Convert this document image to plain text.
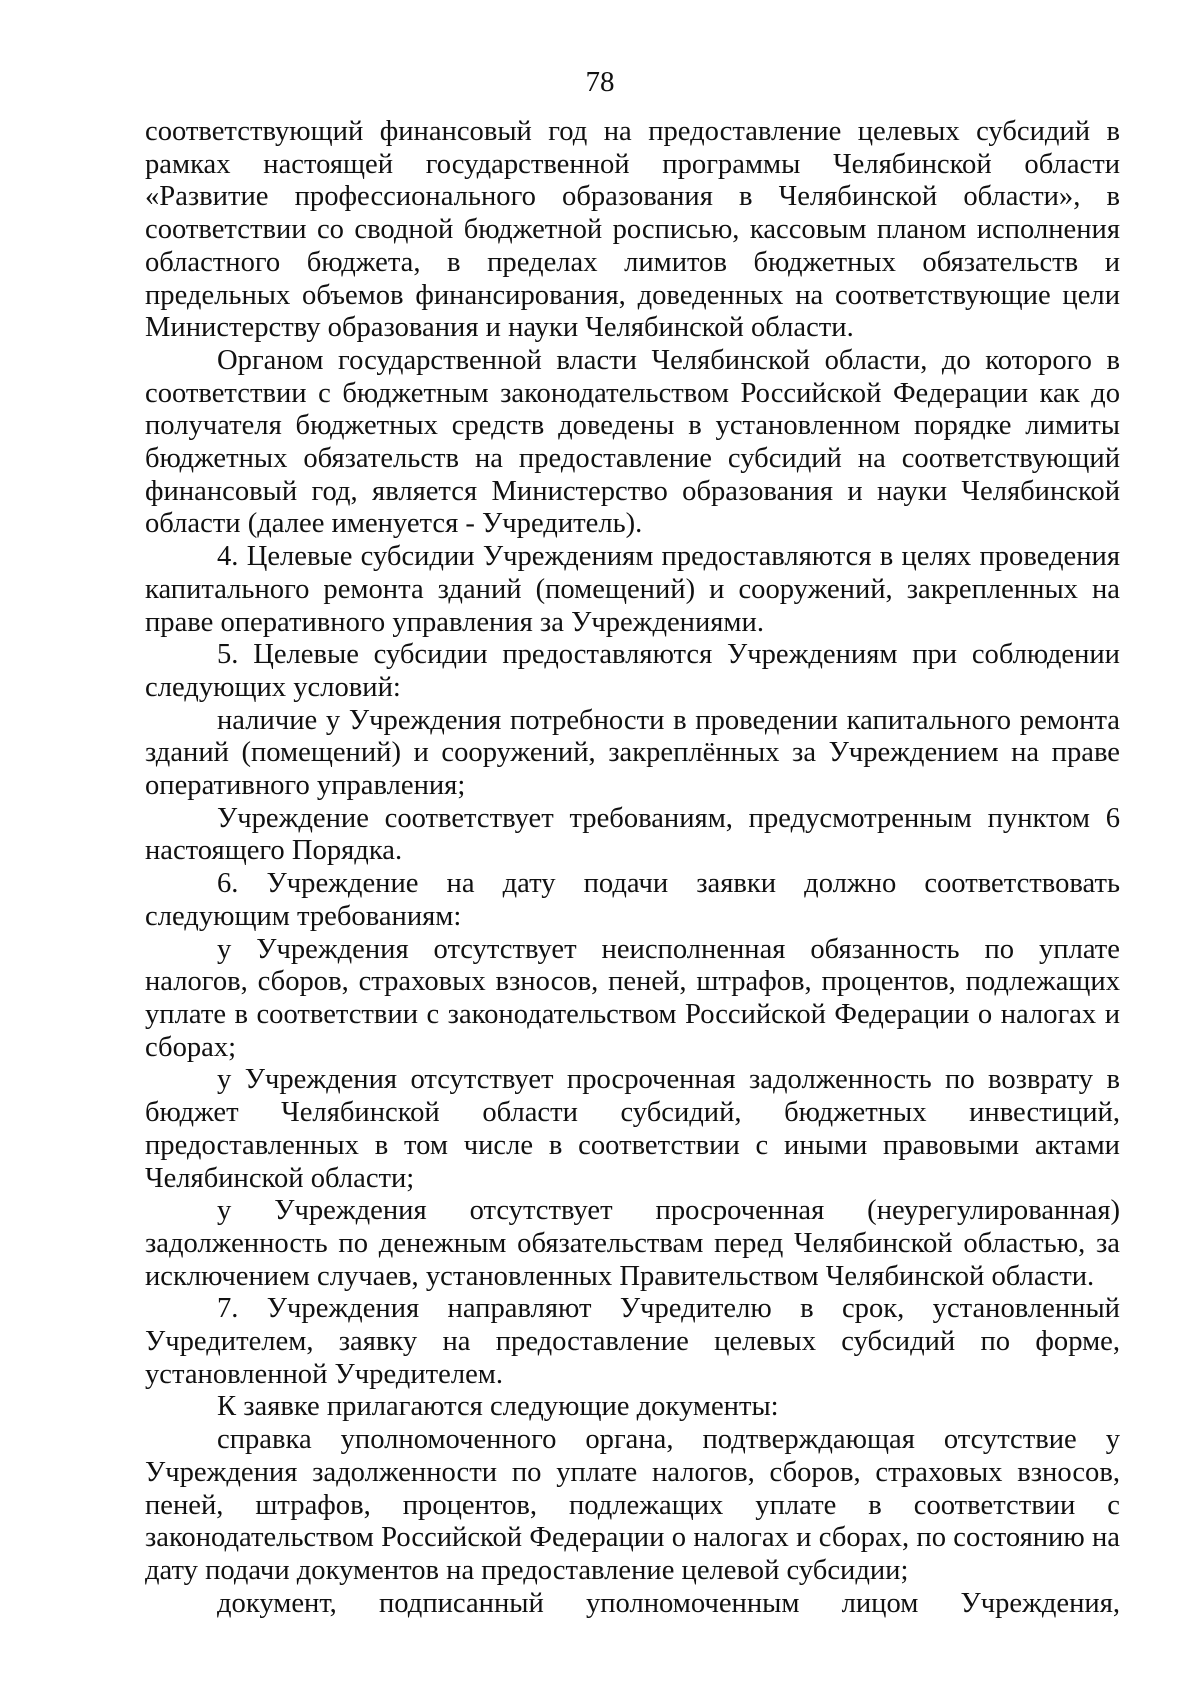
78

соответствующий финансовый год на предоставление целевых субсидий в рамках настоящей государственной программы Челябинской области «Развитие профессионального образования в Челябинской области», в соответствии со сводной бюджетной росписью, кассовым планом исполнения областного бюджета, в пределах лимитов бюджетных обязательств и предельных объемов финансирования, доведенных на соответствующие цели Министерству образования и науки Челябинской области.

Органом государственной власти Челябинской области, до которого в соответствии с бюджетным законодательством Российской Федерации как до получателя бюджетных средств доведены в установленном порядке лимиты бюджетных обязательств на предоставление субсидий на соответствующий финансовый год, является Министерство образования и науки Челябинской области (далее именуется - Учредитель).

4. Целевые субсидии Учреждениям предоставляются в целях проведения капитального ремонта зданий (помещений) и сооружений, закрепленных на праве оперативного управления за Учреждениями.

5. Целевые субсидии предоставляются Учреждениям при соблюдении следующих условий:

наличие у Учреждения потребности в проведении капитального ремонта зданий (помещений) и сооружений, закреплённых за Учреждением на праве оперативного управления;

Учреждение соответствует требованиям, предусмотренным пунктом 6 настоящего Порядка.

6. Учреждение на дату подачи заявки должно соответствовать следующим требованиям:

у Учреждения отсутствует неисполненная обязанность по уплате налогов, сборов, страховых взносов, пеней, штрафов, процентов, подлежащих уплате в соответствии с законодательством Российской Федерации о налогах и сборах;

у Учреждения отсутствует просроченная задолженность по возврату в бюджет Челябинской области субсидий, бюджетных инвестиций, предоставленных в том числе в соответствии с иными правовыми актами Челябинской области;

у Учреждения отсутствует просроченная (неурегулированная) задолженность по денежным обязательствам перед Челябинской областью, за исключением случаев, установленных Правительством Челябинской области.

7. Учреждения направляют Учредителю в срок, установленный Учредителем, заявку на предоставление целевых субсидий по форме, установленной Учредителем.

К заявке прилагаются следующие документы:

справка уполномоченного органа, подтверждающая отсутствие у Учреждения задолженности по уплате налогов, сборов, страховых взносов, пеней, штрафов, процентов, подлежащих уплате в соответствии с законодательством Российской Федерации о налогах и сборах, по состоянию на дату подачи документов на предоставление целевой субсидии;

документ, подписанный уполномоченным лицом Учреждения,
